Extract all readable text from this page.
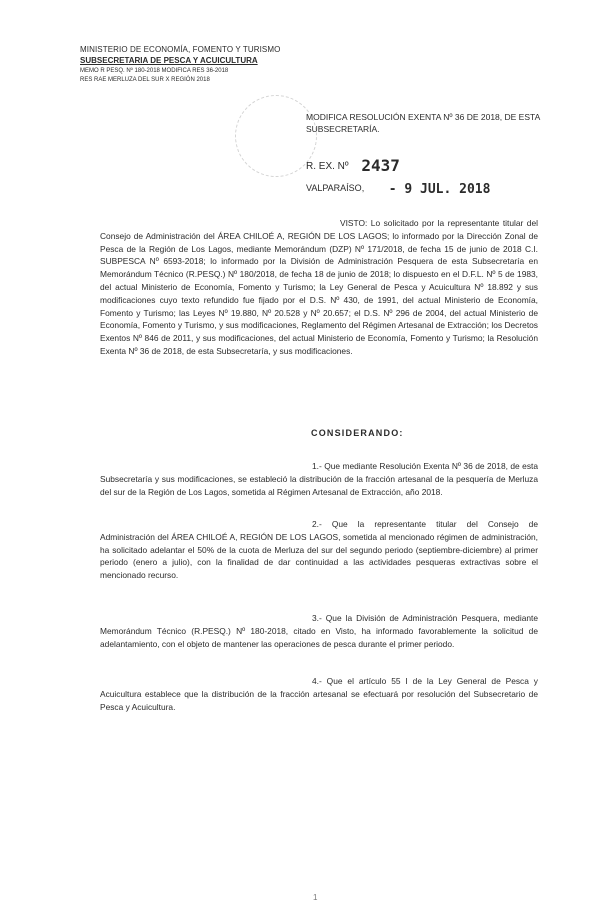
MINISTERIO DE ECONOMÍA, FOMENTO Y TURISMO
SUBSECRETARIA DE PESCA Y ACUICULTURA
MEMO R PESQ. Nº 180-2018 MODIFICA RES 36-2018
RES RAE MERLUZA DEL SUR X REGIÓN 2018
MODIFICA RESOLUCIÓN EXENTA Nº 36 DE 2018, DE ESTA SUBSECRETARÍA.
R. EX. Nº 2437
VALPARAÍSO, - 9 JUL. 2018
VISTO: Lo solicitado por la representante titular del Consejo de Administración del ÁREA CHILOÉ A, REGIÓN DE LOS LAGOS; lo informado por la Dirección Zonal de Pesca de la Región de Los Lagos, mediante Memorándum (DZP) Nº 171/2018, de fecha 15 de junio de 2018 C.I. SUBPESCA Nº 6593-2018; lo informado por la División de Administración Pesquera de esta Subsecretaría en Memorándum Técnico (R.PESQ.) Nº 180/2018, de fecha 18 de junio de 2018; lo dispuesto en el D.F.L. Nº 5 de 1983, del actual Ministerio de Economía, Fomento y Turismo; la Ley General de Pesca y Acuicultura Nº 18.892 y sus modificaciones cuyo texto refundido fue fijado por el D.S. Nº 430, de 1991, del actual Ministerio de Economía, Fomento y Turismo; las Leyes Nº 19.880, Nº 20.528 y Nº 20.657; el D.S. Nº 296 de 2004, del actual Ministerio de Economía, Fomento y Turismo, y sus modificaciones, Reglamento del Régimen Artesanal de Extracción; los Decretos Exentos Nº 846 de 2011, y sus modificaciones, del actual Ministerio de Economía, Fomento y Turismo; la Resolución Exenta Nº 36 de 2018, de esta Subsecretaría, y sus modificaciones.
CONSIDERANDO:
1.- Que mediante Resolución Exenta Nº 36 de 2018, de esta Subsecretaría y sus modificaciones, se estableció la distribución de la fracción artesanal de la pesquería de Merluza del sur de la Región de Los Lagos, sometida al Régimen Artesanal de Extracción, año 2018.
2.- Que la representante titular del Consejo de Administración del ÁREA CHILOÉ A, REGIÓN DE LOS LAGOS, sometida al mencionado régimen de administración, ha solicitado adelantar el 50% de la cuota de Merluza del sur del segundo periodo (septiembre-diciembre) al primer periodo (enero a julio), con la finalidad de dar continuidad a las actividades pesqueras extractivas sobre el mencionado recurso.
3.- Que la División de Administración Pesquera, mediante Memorándum Técnico (R.PESQ.) Nº 180-2018, citado en Visto, ha informado favorablemente la solicitud de adelantamiento, con el objeto de mantener las operaciones de pesca durante el primer periodo.
4.- Que el artículo 55 I de la Ley General de Pesca y Acuicultura establece que la distribución de la fracción artesanal se efectuará por resolución del Subsecretario de Pesca y Acuicultura.
1
